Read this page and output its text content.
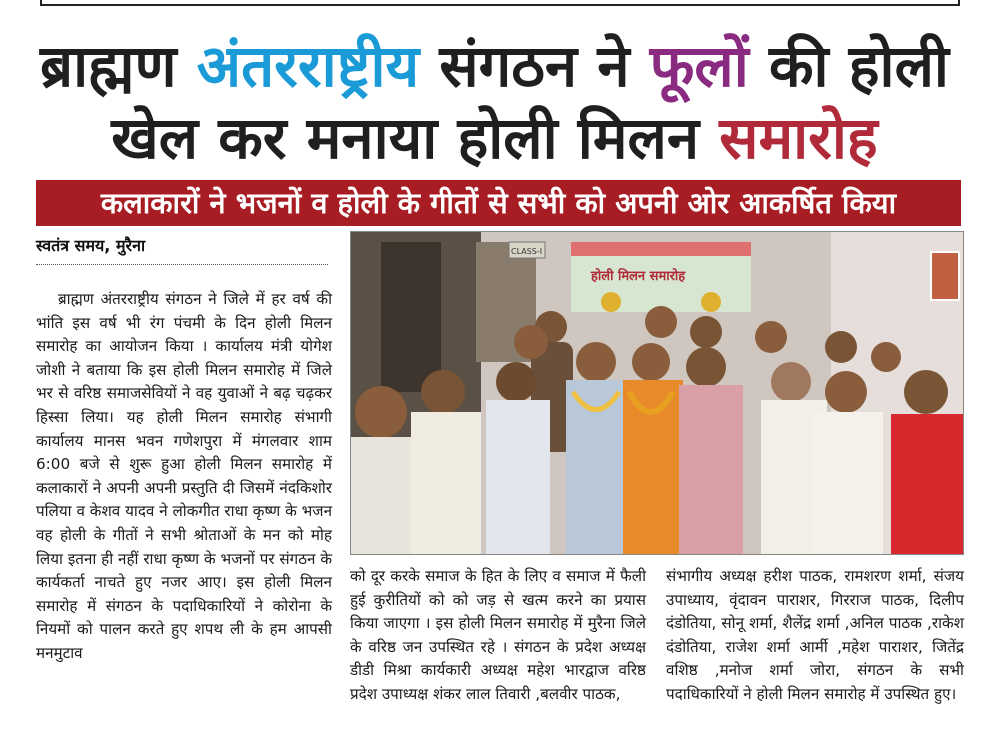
ब्राह्मण अंतरराष्ट्रीय संगठन ने फूलों की होली
खेल कर मनाया होली मिलन समारोह
कलाकारों ने भजनों व होली के गीतों से सभी को अपनी ओर आकर्षित किया
स्वतंत्र समय, मुरैना
ब्राह्मण अंतरराष्ट्रीय संगठन ने जिले में हर वर्ष की भांति इस वर्ष भी रंग पंचमी के दिन होली मिलन समारोह का आयोजन किया । कार्यालय मंत्री योगेश जोशी ने बताया कि इस होली मिलन समारोह में जिले भर से वरिष्ठ समाजसेवियों ने वह युवाओं ने बढ़ चढ़कर हिस्सा लिया। यह होली मिलन समारोह संभागी कार्यालय मानस भवन गणेशपुरा में मंगलवार शाम 6:00 बजे से शुरू हुआ होली मिलन समारोह में कलाकारों ने अपनी अपनी प्रस्तुति दी जिसमें नंदकिशोर पलिया व केशव यादव ने लोकगीत राधा कृष्ण के भजन वह होली के गीतों ने सभी श्रोताओं के मन को मोह लिया इतना ही नहीं राधा कृष्ण के भजनों पर संगठन के कार्यकर्ता नाचते हुए नजर आए। इस होली मिलन समारोह में संगठन के पदाधिकारियों ने कोरोना के नियमों को पालन करते हुए शपथ ली के हम आपसी मनमुटाव
CLASS-I
होली मिलन समारोह
को दूर करके समाज के हित के लिए व समाज में फैली हुई कुरीतियों को को जड़ से खत्म करने का प्रयास किया जाएगा । इस होली मिलन समारोह में मुरैना जिले के वरिष्ठ जन उपस्थित रहे । संगठन के प्रदेश अध्यक्ष डीडी मिश्रा कार्यकारी अध्यक्ष महेश भारद्वाज वरिष्ठ प्रदेश उपाध्यक्ष शंकर लाल तिवारी ,बलवीर पाठक,
संभागीय अध्यक्ष हरीश पाठक, रामशरण शर्मा, संजय उपाध्याय, वृंदावन पाराशर, गिरराज पाठक, दिलीप दंडोतिया, सोनू शर्मा, शैलेंद्र शर्मा ,अनिल पाठक ,राकेश दंडोतिया, राजेश शर्मा आर्मी ,महेश पाराशर, जितेंद्र वशिष्ठ ,मनोज शर्मा जोरा, संगठन के सभी पदाधिकारियों ने होली मिलन समारोह में उपस्थित हुए।
